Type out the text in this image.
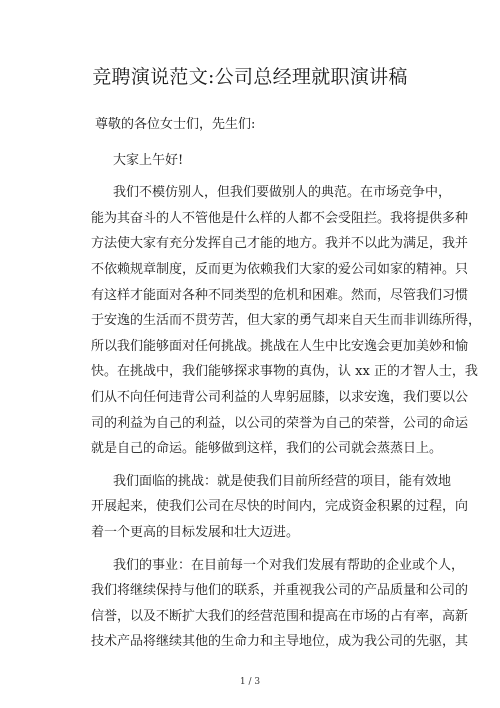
竞聘演说范文:公司总经理就职演讲稿
尊敬的各位女士们，先生们:
大家上午好!
我们不模仿别人，但我们要做别人的典范。在市场竞争中，
能为其奋斗的人不管他是什么样的人都不会受阻拦。我将提供多种
方法使大家有充分发挥自己才能的地方。我并不以此为满足，我并
不依赖规章制度，反而更为依赖我们大家的爱公司如家的精神。只
有这样才能面对各种不同类型的危机和困难。然而，尽管我们习惯
于安逸的生活而不贯劳苦，但大家的勇气却来自天生而非训练所得，
所以我们能够面对任何挑战。挑战在人生中比安逸会更加美妙和愉
快。在挑战中，我们能够探求事物的真伪，认 xx 正的才智人士，我
们从不向任何违背公司利益的人卑躬屈膝，以求安逸，我们要以公
司的利益为自己的利益，以公司的荣誉为自己的荣誉，公司的命运
就是自己的命运。能够做到这样，我们的公司就会蒸蒸日上。
我们面临的挑战：就是使我们目前所经营的项目，能有效地
开展起来，使我们公司在尽快的时间内，完成资金积累的过程，向
着一个更高的目标发展和壮大迈进。
我们的事业：在目前每一个对我们发展有帮助的企业或个人，
我们将继续保持与他们的联系，并重视我公司的产品质量和公司的
信誉，以及不断扩大我们的经营范围和提高在市场的占有率，高新
技术产品将继续其他的生命力和主导地位，成为我公司的先驱，其
1 / 3
